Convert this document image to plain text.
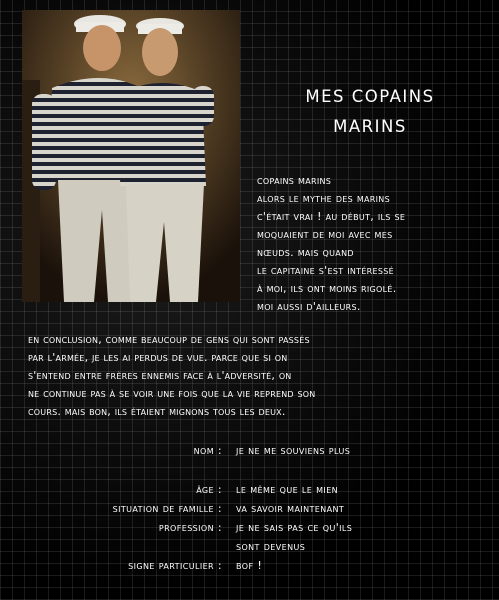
MES COPAINS
MARINS

copains marins

alors le mythe des marins

c'était vrai ! au début, ils se

moquaient de moi avec mes

nœuds. mais quand

le capitaine s'est intéressé

à moi, ils ont moins rigolé.

moi aussi d'ailleurs.

en conclusion, comme beaucoup de gens qui sont passés

par l'armée, je les ai perdus de vue. parce que si on

s'entend entre frères ennemis face à l'adversité, on

ne continue pas à se voir une fois que la vie reprend son

cours. mais bon, ils étaient mignons tous les deux.

nom :	je ne me souviens plus
âge :	le même que le mien
situation de famille :	va savoir maintenant
profession :	je ne sais pas ce qu'ils
sont devenus
signe particulier :	bof !
